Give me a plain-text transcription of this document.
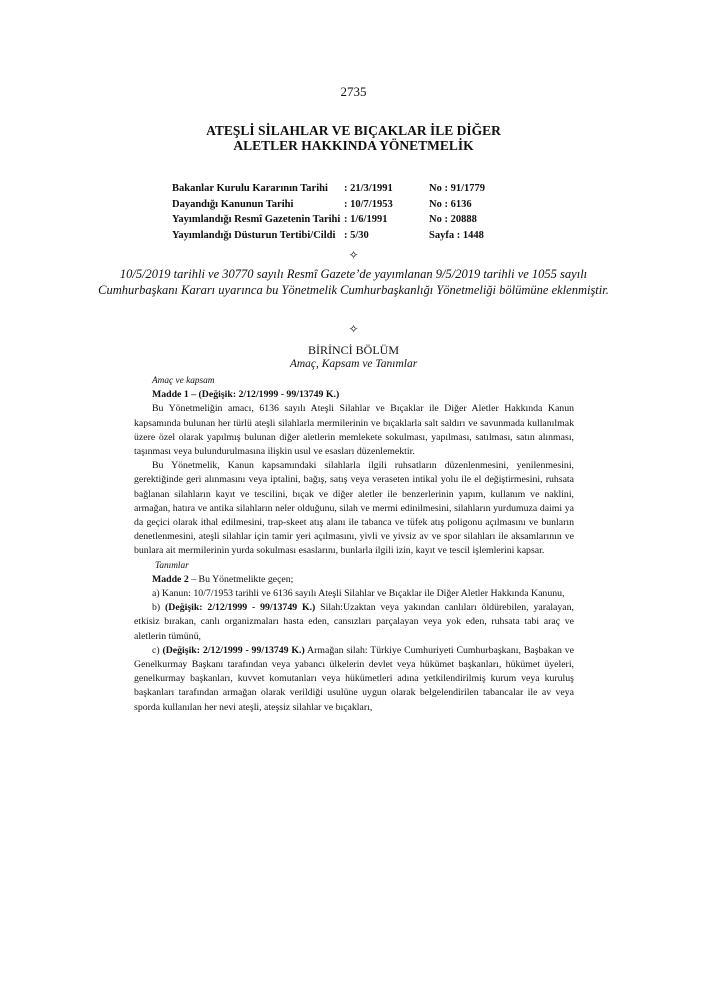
2735
ATEŞLİ SİLAHLAR VE BIÇAKLAR İLE DİĞER
ALETLER HAKKINDA YÖNETMELİK
Bakanlar Kurulu Kararının Tarihi	: 21/3/1991	No : 91/1779
Dayandığı Kanunun Tarihi	: 10/7/1953	No : 6136
Yayımlandığı Resmî Gazetenin Tarihi : 1/6/1991	No : 20888
Yayımlandığı Düsturun Tertibi/Cildi : 5/30	Sayfa : 1448
✧
10/5/2019 tarihli ve 30770 sayılı Resmî Gazete’de yayımlanan 9/5/2019 tarihli ve 1055 sayılı Cumhurbaşkanı Kararı uyarınca bu Yönetmelik Cumhurbaşkanlığı Yönetmeliği bölümüne eklenmiştir.
✧
BİRİNCİ BÖLÜM
Amaç, Kapsam ve Tanımlar
Amaç ve kapsam

Madde 1 – (Değişik: 2/12/1999 - 99/13749 K.)

Bu Yönetmeliğin amacı, 6136 sayılı Ateşli Silahlar ve Bıçaklar ile Diğer Aletler Hakkında Kanun kapsamında bulunan her türlü ateşli silahlarla mermilerinin ve bıçaklarla salt saldırı ve savunmada kullanılmak üzere özel olarak yapılmış bulunan diğer aletlerin memlekete sokulması, yapılması, satılması, satın alınması, taşınması veya bulundurulmasına ilişkin usul ve esasları düzenlemektir.

Bu Yönetmelik, Kanun kapsamındaki silahlarla ilgili ruhsatların düzenlenmesini, yenilenmesini, gerektiğinde geri alınmasını veya iptalini, bağış, satış veya veraseten intikal yolu ile el değiştirmesini, ruhsata bağlanan silahların kayıt ve tescilini, bıçak ve diğer aletler ile benzerlerinin yapım, kullanım ve naklini, armağan, hatıra ve antika silahların neler olduğunu, silah ve mermi edinilmesini, silahların yurdumuza daimi ya da geçici olarak ithal edilmesini, trap-skeet atış alanı ile tabanca ve tüfek atış poligonu açılmasını ve bunların denetlenmesini, ateşli silahlar için tamir yeri açılmasını, yivli ve yivsiz av ve spor silahları ile aksamlarının ve bunlara ait mermilerinin yurda sokulması esaslarını, bunlarla ilgili izin, kayıt ve tescil işlemlerini kapsar.

Tanımlar

Madde 2 – Bu Yönetmelikte geçen;

a) Kanun: 10/7/1953 tarihli ve 6136 sayılı Ateşli Silahlar ve Bıçaklar ile Diğer Aletler Hakkında Kanunu,

b) (Değişik: 2/12/1999 - 99/13749 K.) Silah:Uzaktan veya yakından canlıları öldürebilen, yaralayan, etkisiz bırakan, canlı organizmaları hasta eden, cansızları parçalayan veya yok eden, ruhsata tabi araç ve aletlerin tümünü,

c) (Değişik: 2/12/1999 - 99/13749 K.) Armağan silah: Türkiye Cumhuriyeti Cumhurbaşkanı, Başbakan ve Genelkurmay Başkanı tarafından veya yabancı ülkelerin devlet veya hükümet başkanları, hükümet üyeleri, genelkurmay başkanları, kuvvet komutanları veya hükümetleri adına yetkilendirilmiş kurum veya kuruluş başkanları tarafından armağan olarak verildiği usulüne uygun olarak belgelendirilen tabancalar ile av veya sporda kullanılan her nevi ateşli, ateşsiz silahlar ve bıçakları,
